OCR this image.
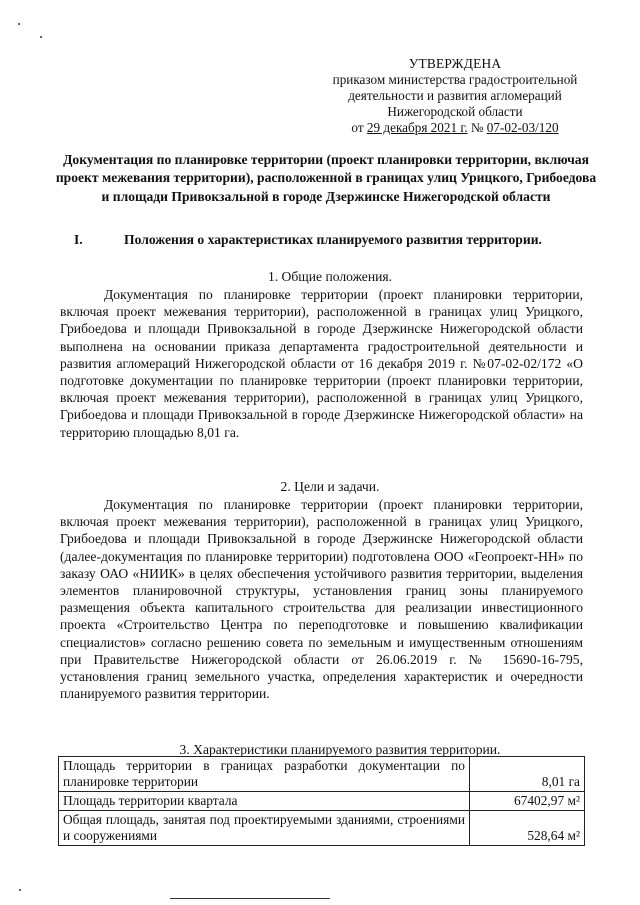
УТВЕРЖДЕНА
приказом министерства градостроительной
деятельности и развития агломераций
Нижегородской области
от 29 декабря 2021 г. № 07-02-03/120
Документация по планировке территории (проект планировки территории, включая проект межевания территории), расположенной в границах улиц Урицкого, Грибоедова и площади Привокзальной в городе Дзержинске Нижегородской области
I.	Положения о характеристиках планируемого развития территории.
1. Общие положения.

Документация по планировке территории (проект планировки территории, включая проект межевания территории), расположенной в границах улиц Урицкого, Грибоедова и площади Привокзальной в городе Дзержинске Нижегородской области выполнена на основании приказа департамента градостроительной деятельности и развития агломераций Нижегородской области от 16 декабря 2019 г. №07-02-02/172 «О подготовке документации по планировке территории (проект планировки территории, включая проект межевания территории), расположенной в границах улиц Урицкого, Грибоедова и площади Привокзальной в городе Дзержинске Нижегородской области» на территорию площадью 8,01 га.

2. Цели и задачи.

Документация по планировке территории (проект планировки территории, включая проект межевания территории), расположенной в границах улиц Урицкого, Грибоедова и площади Привокзальной в городе Дзержинске Нижегородской области (далее-документация по планировке территории) подготовлена ООО «Геопроект-НН» по заказу ОАО «НИИК» в целях обеспечения устойчивого развития территории, выделения элементов планировочной структуры, установления границ зоны планируемого размещения объекта капитального строительства для реализации инвестиционного проекта «Строительство Центра по переподготовке и повышению квалификации специалистов» согласно решению совета по земельным и имущественным отношениям при Правительстве Нижегородской области от 26.06.2019 г. № 15690-16-795, установления границ земельного участка, определения характеристик и очередности планируемого развития территории.

3. Характеристики планируемого развития территории.
Площадь территории в границах разработки документации по планировке территории	8,01 га
Площадь территории квартала	67402,97 м²
Общая площадь, занятая под проектируемыми зданиями, строениями и сооружениями	528,64 м²
